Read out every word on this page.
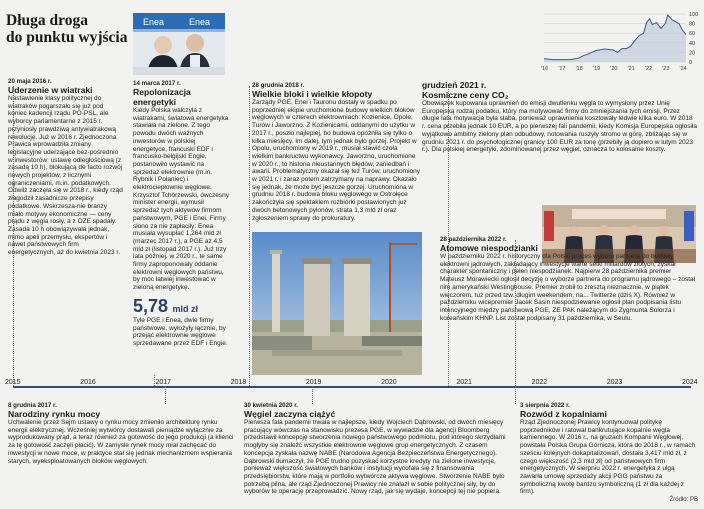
Długa droga
do punktu wyjścia
Enea	Enea
0
20
40
60
80
100
'16 '17 '18 '19 '20 '21 '22 '23 '24
20 maja 2016 r.
Uderzenie w wiatraki
Nastawienie klasy politycznej do wiatraków pogarszało się już pod koniec kadencji rządu PO-PSL, ale wyborcy parlamentarne z 2015 r. przyniosły prawdziwą antywiatrakową rewolucję. Już w 2016 r. Zjednoczona Prawica wprowadziła zmiany legislacyjne uderzające bez-pośrednio w inwestorów: ustawę odległościową (z zasadą 10 h), blokującą de facto rozwój nowych projektów, z licznymi ograniczeniami, m.in. podatkowych. Odwilż zaczęła się w 2018 r., kiedy rząd złagodził zasadnicze przepisy podatkowe. Wskrzesza-nie branży miało motywy ekonomiczne — ceny prądu z węgla rosły, a z OZE spadały. Zasada 10 h obowiązywała jednak, mimo apeli przemysłu, ekspertów i nawet państwowych firm energetycznych, aż do kwietnia 2023 r.
14 marca 2017 r.
Repolonizacja energetyki
Kiedy Polska walczyła z wiatrakami, światowa energetyka stawiała na zielone. Z tego powodu dwóch ważnych inwestorów w polskiej energetyce, francuski EDF i francusko-belgijski Engie, postanowiło wystawić na sprzedaż elektrownie (m.in. Rybnik i Połaniec) i elektrociepłownie węglowe. Krzysztof Tchórzewski, ówczesny minister energii, wymusił sprzedaż tych aktywów firmom państwowym, PGE i Enei. Firmy słono za nie zapłaciły: Enea musiała wysupłać 1,264 mld zł (marzec 2017 r.), a PGE aż 4,5 mld zł (listopad 2017 r.). Już trzy lata później, w 2020 r., te same firmy zaproponowały oddanie elektrowni węglowych państwu, by móc łatwiej inwestować w zieloną energetykę.
5,78 mld zł
Tyle PGE i Enea, dwie firmy państwowe, wyłożyły łącznie, by przejąć elektrownie węglowe sprzedawane przez EDF i Engie.
28 grudnia 2018 r.
Wielkie bloki i wielkie kłopoty
Zarządy PGE, Enei i Tauronu dostały w spadku po poprzedniej ekipie uruchomione budowy wielkich bloków węglowych w czterech elektrowniach: Kozienice, Opole, Turów i Jaworzno. Z Kozienicami, oddanymi do użytku w 2017 r., poszło najlepiej, bo budowa opóźniła się tylko o kilka miesięcy. Im dalej, tym jednak było gorzej. Projekt w Opolu, uruchomiony w 2019 r., musiał stawić czoła wielkim bankructwu wykonawcy. Jaworzno, uruchomione w 2020 r., to historia nieustannych błędów, zaniedbań i awarii. Problematyczny okazał się też Turów, uruchomiony w 2021 r. i zaraz potem zatrzymany na naprawy. Okazało się jednak, że może być jeszcze gorzej. Uruchomiona w grudniu 2018 r. budowa bloku węglowego w Ostrołęce zakończyła się spektaklem rozbiórki postawionych już dwóch betonowych pylonów, strata 1,3 mld zł oraz zgłoszeniem sprawy do prokuratury.
grudzień 2021 r.
Kosmiczne ceny CO₂
Obowiązek kupowania uprawnień do emisji dwutlenku węgla to wymysłony przez Unię Europejską rodzaj podatku, który ma motywować firmy do zmniejszania tych emisji. Przez długie lata motywacja była słaba, ponieważ uprawnienia kosztowały ledwie kilka euro. W 2018 r. cena przebiła jednak 10 EUR, a po pierwszej fali pandemii, kiedy Komisja Europejska ogłosiła wyjątkowo ambitny zielony plan odbudowy, notowania ruszyły stromo w górę, zbliżając się w grudniu 2021 r. do psychologicznej granicy 100 EUR za tonę (przebiły ją dopiero w lutym 2023 r.). Dla polskiej energetyki, zdominowanej przez węgiel, oznacza to kolosalne koszty.
28 października 2022 r.
Atomowe niespodzianki
W październiku 2022 r. historyczny dla Polski proces wyboru partnera do budowy elektrowni jądrowych, zakładający inwestycje warte setki miliardów złotych, zyskał charakter spontaniczny i pełen niespodzianek. Najpierw 28 października premier Mateusz Morawiecki ogłosił decyzję o wyborze partnera do programu jądrowego – został nim amerykański Westinghouse. Premier zrobił to zresztą nieznacznie, w piątek wieczorem, tuż przed tzw. długim weekendem, na... Twitterze (dziś X). Również w październiku wicepremier Jacek Sasin niespodziewanie ogłosił plan podpisania listu intencyjnego między państwową PGE, ZE PAK należącym do Zygmunta Solorza i koreańskim KHNP. List został podpisany 31 października, w Seulu.
2015	2016	2017	2018	2019	2020	2021	2022	2023	2024
8 grudnia 2017 r.
Narodziny rynku mocy
Uchwalenie przez Sejm ustawy o rynku mocy zmieniło architekturę rynku energii elektrycznej. Wcześniej wytwórcy dostawali pieniądze wyłącznie za wyprodukowany prąd, a teraz również za gotowość do jego produkcji (a klienci za tę gotowość zaczęli płacić). W zamysle rynek mocy miał zachęcać do inwestycji w nowe moce, w praktyce stał się jednak mechanizmem wspierania starych, wyeksploatowanych bloków węglowych.
30 kwietnia 2020 r.
Węgiel zaczyna ciążyć
Pierwsza fala pandemii trwała w najlepsze, kiedy Wojciech Dąbrowski, od dwóch miesięcy pracujący wówczas na stanowisku prezesa PGE, w wywiadzie dla agencji Bloomberg przedstawił koncepcję stworzenia nowego państwowego podmiotu, pod którego skrzydłami mogłyby się znaleźć wszystkie elektrownie węglowe grup energetycznych. Z czasem koncepcja zyskała nazwę NABE (Narodowa Agencja Bezpieczeństwa Energetycznego). Dąbrowski tłumaczył, że PGE trudno pozyskać korzystne kredyty na zielone inwestycje, ponieważ większość światowych banków i instytucji wycofała się z finansowania przedsiębiorstw, które mają w portfolio wytwórcze aktywa węglowe. Stworzenie NABE było potrzebą pilna, ale rząd Zjednoczonej Prawicy nie znalazł w sobie politycznej siły, by do wyborów te operację przeprowadzić. Nowy rząd, jak się wydaje, koncepcji tej nie popiera.
3 sierpnia 2022 r.
Rozwód z kopalniami
Rząd Zjednoczonej Prawicy kontynuował politykę poprzedników i ratował bankrutujące kopalnie węgla kamiennego. W 2016 r., na gruzach Kompanii Węglowej, powstała Polska Grupa Górnicza, która do 2018 r., w ramach sześciu kolejnych dokapitalizowań, dostała 3,417 mld zł, z czego większość (2,3 mld zł) od państwowych firm energetycznych. W sierpniu 2022 r. energetyka z ulgą zawarła umowę sprzedaży akcji PGG państwu za symboliczną kwotę bardzo symboliczną (1 zł dla każdej z firm).
Źródło: PB
